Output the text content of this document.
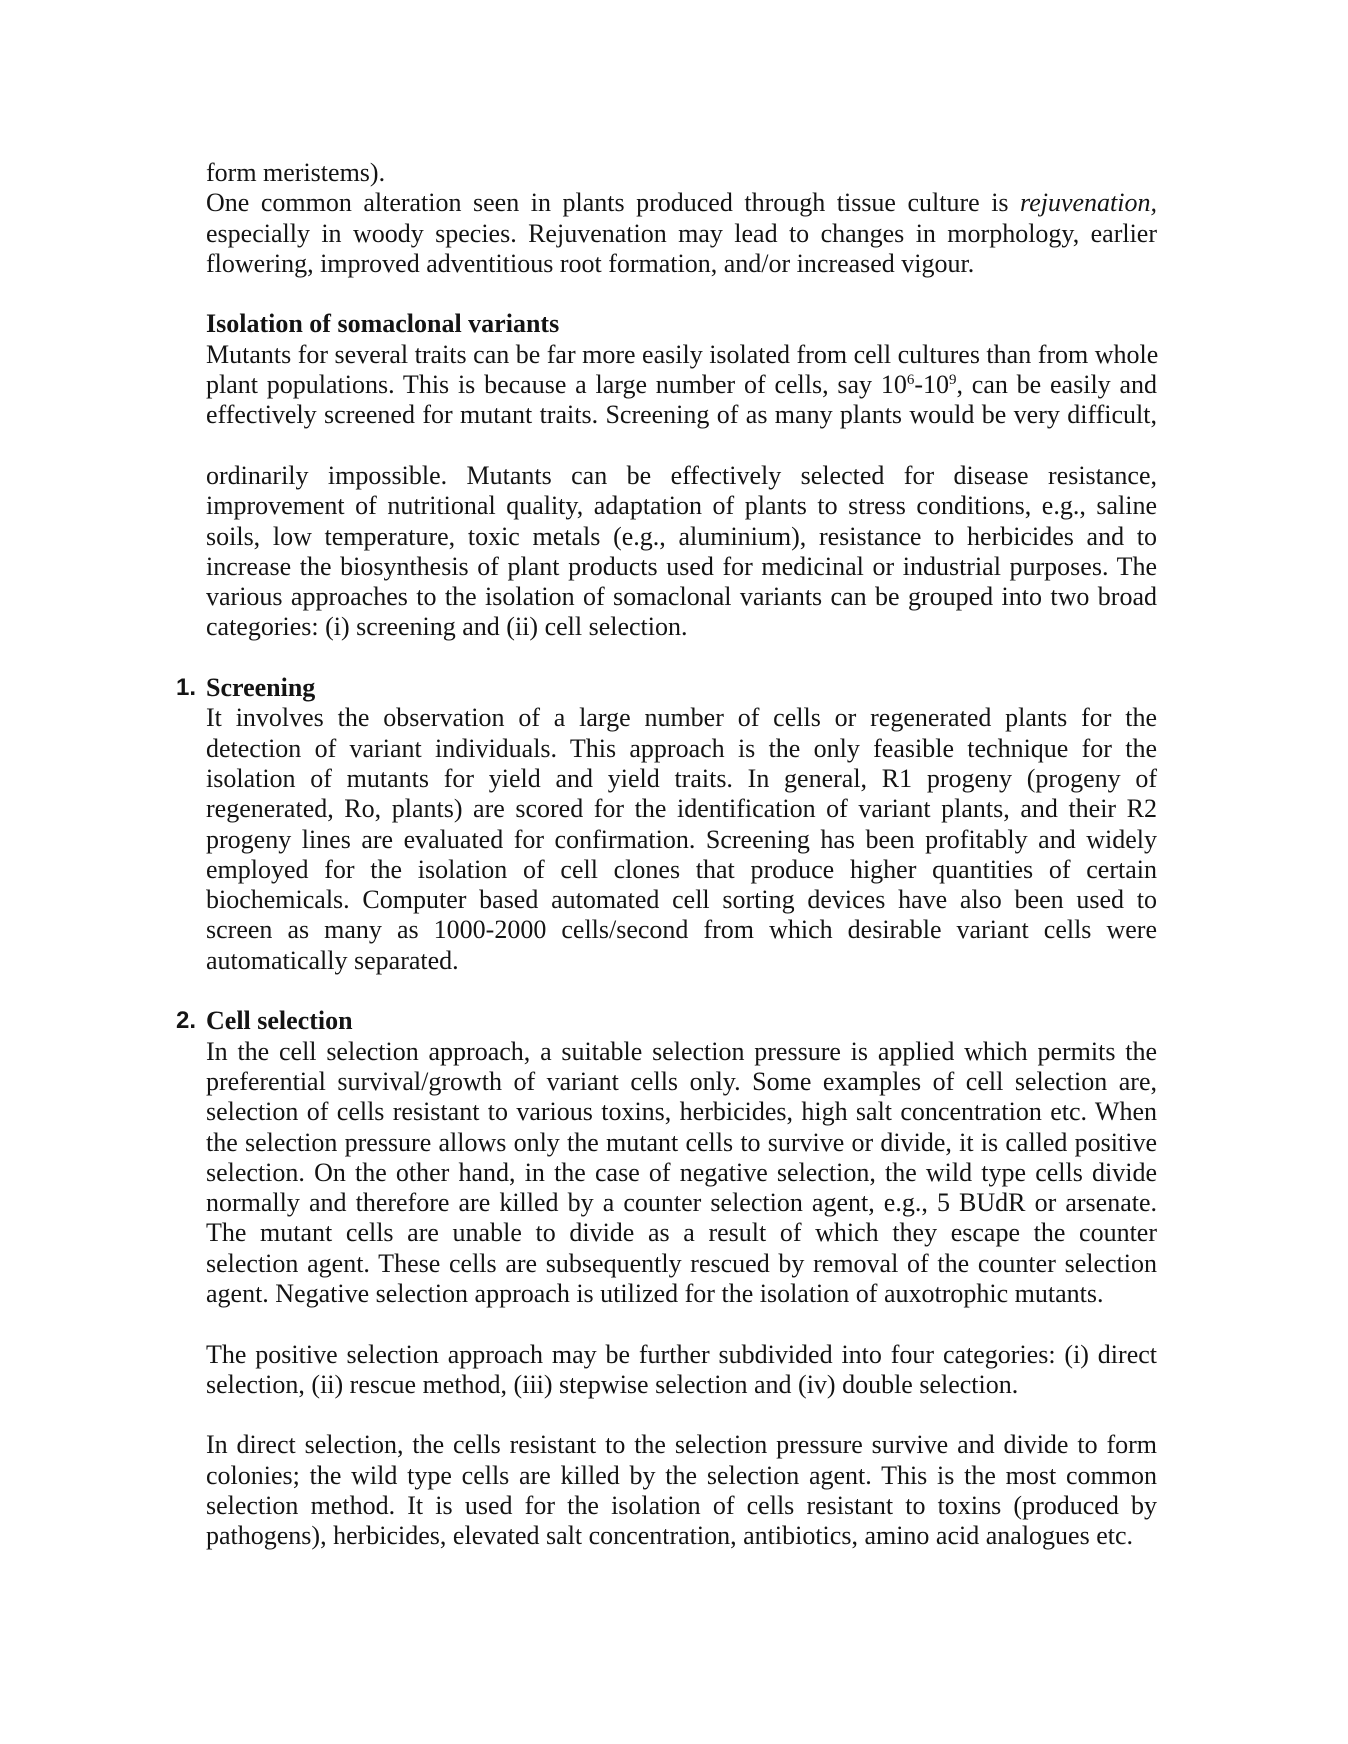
form meristems).
One common alteration seen in plants produced through tissue culture is rejuvenation,
especially in woody species. Rejuvenation may lead to changes in morphology, earlier
flowering, improved adventitious root formation, and/or increased vigour.
Isolation of somaclonal variants
Mutants for several traits can be far more easily isolated from cell cultures than from whole
plant populations. This is because a large number of cells, say $10^6-10^9$, can be easily and
effectively screened for mutant traits. Screening of as many plants would be very difficult,
ordinarily impossible. Mutants can be effectively selected for disease resistance,
improvement of nutritional quality, adaptation of plants to stress conditions, e.g., saline
soils, low temperature, toxic metals (e.g., aluminium), resistance to herbicides and to
increase the biosynthesis of plant products used for medicinal or industrial purposes. The
various approaches to the isolation of somaclonal variants can be grouped into two broad
categories: (i) screening and (ii) cell selection.
1. Screening
It involves the observation of a large number of cells or regenerated plants for the
detection of variant individuals. This approach is the only feasible technique for the
isolation of mutants for yield and yield traits. In general, R1 progeny (progeny of
regenerated, Ro, plants) are scored for the identification of variant plants, and their R2
progeny lines are evaluated for confirmation. Screening has been profitably and widely
employed for the isolation of cell clones that produce higher quantities of certain
biochemicals. Computer based automated cell sorting devices have also been used to
screen as many as 1000-2000 cells/second from which desirable variant cells were
automatically separated.
2. Cell selection
In the cell selection approach, a suitable selection pressure is applied which permits the
preferential survival/growth of variant cells only. Some examples of cell selection are,
selection of cells resistant to various toxins, herbicides, high salt concentration etc. When
the selection pressure allows only the mutant cells to survive or divide, it is called positive
selection. On the other hand, in the case of negative selection, the wild type cells divide
normally and therefore are killed by a counter selection agent, e.g., 5 BUdR or arsenate.
The mutant cells are unable to divide as a result of which they escape the counter
selection agent. These cells are subsequently rescued by removal of the counter selection
agent. Negative selection approach is utilized for the isolation of auxotrophic mutants.
The positive selection approach may be further subdivided into four categories: (i) direct
selection, (ii) rescue method, (iii) stepwise selection and (iv) double selection.
In direct selection, the cells resistant to the selection pressure survive and divide to form
colonies; the wild type cells are killed by the selection agent. This is the most common
selection method. It is used for the isolation of cells resistant to toxins (produced by
pathogens), herbicides, elevated salt concentration, antibiotics, amino acid analogues etc.
